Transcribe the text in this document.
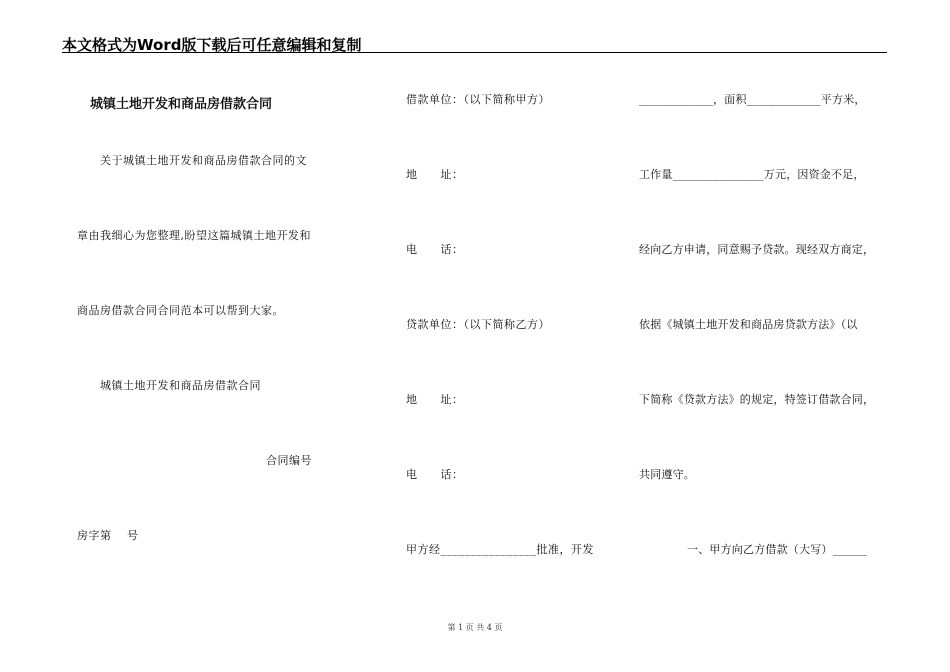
本文格式为Word版下载后可任意编辑和复制
城镇土地开发和商品房借款合同
关于城镇土地开发和商品房借款合同的文
章由我细心为您整理,盼望这篇城镇土地开发和
商品房借款合同合同范本可以帮到大家。
城镇土地开发和商品房借款合同
合同编号
房字第　 号
借款单位：（以下简称甲方）
地　　址：
电　　话：
贷款单位：（以下简称乙方）
地　　址：
电　　话：
甲方经________________批准，开发
_____________，面积_____________平方米，
工作量________________万元，因资金不足，
经向乙方申请，同意赐予贷款。现经双方商定，
依据《城镇土地开发和商品房贷款方法》（以
下简称《贷款方法》的规定，特签订借款合同，
共同遵守。
一、甲方向乙方借款（大写）______
第 1 页 共 4 页
